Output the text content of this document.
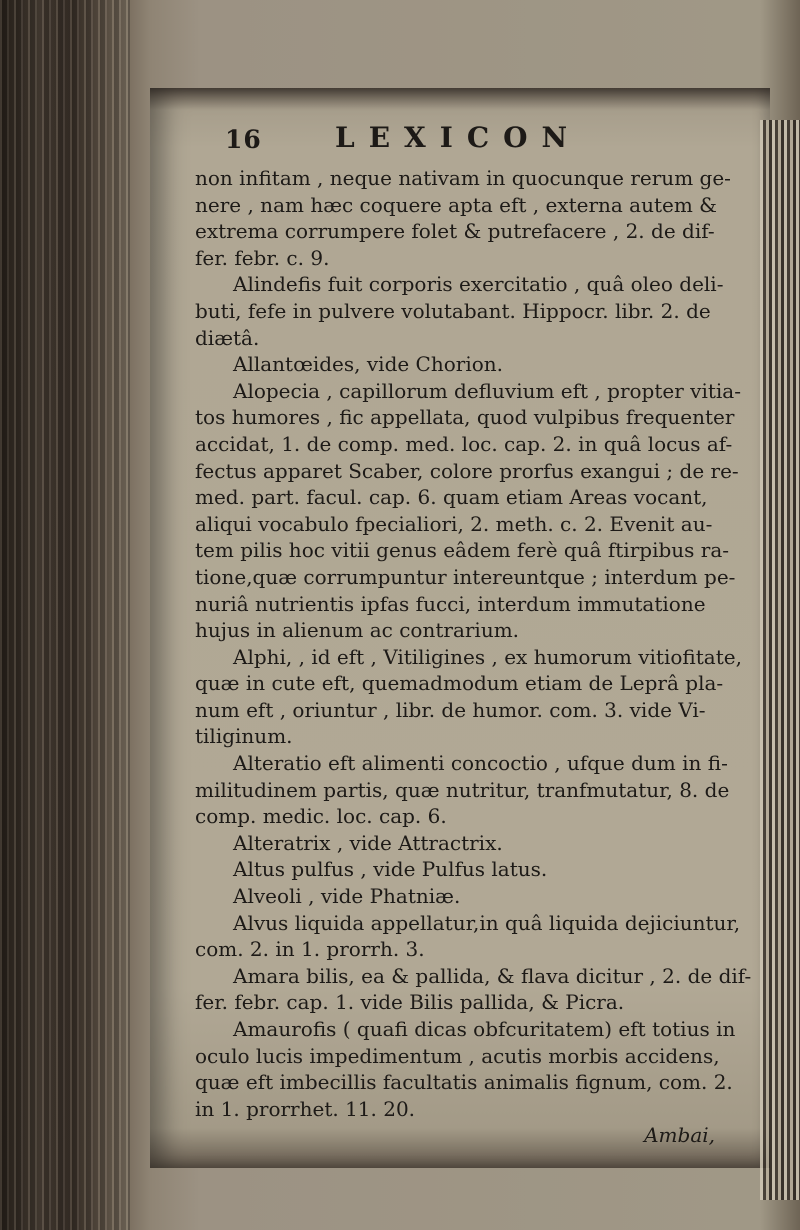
16	LEXICON
non infitam , neque nativam in quocunque rerum ge-
nere , nam hæc coquere apta eft , externa autem &
extrema corrumpere folet & putrefacere , 2. de dif-
fer. febr. c. 9.
Alindefis fuit corporis exercitatio , quâ oleo deli-
buti, fefe in pulvere volutabant. Hippocr. libr. 2. de
diætâ.
Allantœides, vide Chorion.
Alopecia , capillorum defluvium eft , propter vitia-
tos humores , fic appellata, quod vulpibus frequenter
accidat, 1. de comp. med. loc. cap. 2. in quâ locus af-
fectus apparet Scaber, colore prorfus exangui ; de re-
med. part. facul. cap. 6. quam etiam Areas vocant,
aliqui vocabulo fpecialiori, 2. meth. c. 2. Evenit au-
tem pilis hoc vitii genus eâdem ferè quâ ftirpibus ra-
tione,quæ corrumpuntur intereuntque ; interdum pe-
nuriâ nutrientis ipfas fucci, interdum immutatione
hujus in alienum ac contrarium.
Alphi, , id eft , Vitiligines , ex humorum vitiofitate,
quæ in cute eft, quemadmodum etiam de Leprâ pla-
num eft , oriuntur , libr. de humor. com. 3. vide Vi-
tiliginum.
Alteratio eft alimenti concoctio , ufque dum in fi-
militudinem partis, quæ nutritur, tranfmutatur, 8. de
comp. medic. loc. cap. 6.
Alteratrix , vide Attractrix.
Altus pulfus , vide Pulfus latus.
Alveoli , vide Phatniæ.
Alvus liquida appellatur,in quâ liquida dejiciuntur,
com. 2. in 1. prorrh. 3.
Amara bilis, ea & pallida, & flava dicitur , 2. de dif-
fer. febr. cap. 1. vide Bilis pallida, & Picra.
Amaurofis ( quafi dicas obfcuritatem) eft totius in
oculo lucis impedimentum , acutis morbis accidens,
quæ eft imbecillis facultatis animalis fignum, com. 2.
in 1. prorrhet. 11. 20.
Ambai,
